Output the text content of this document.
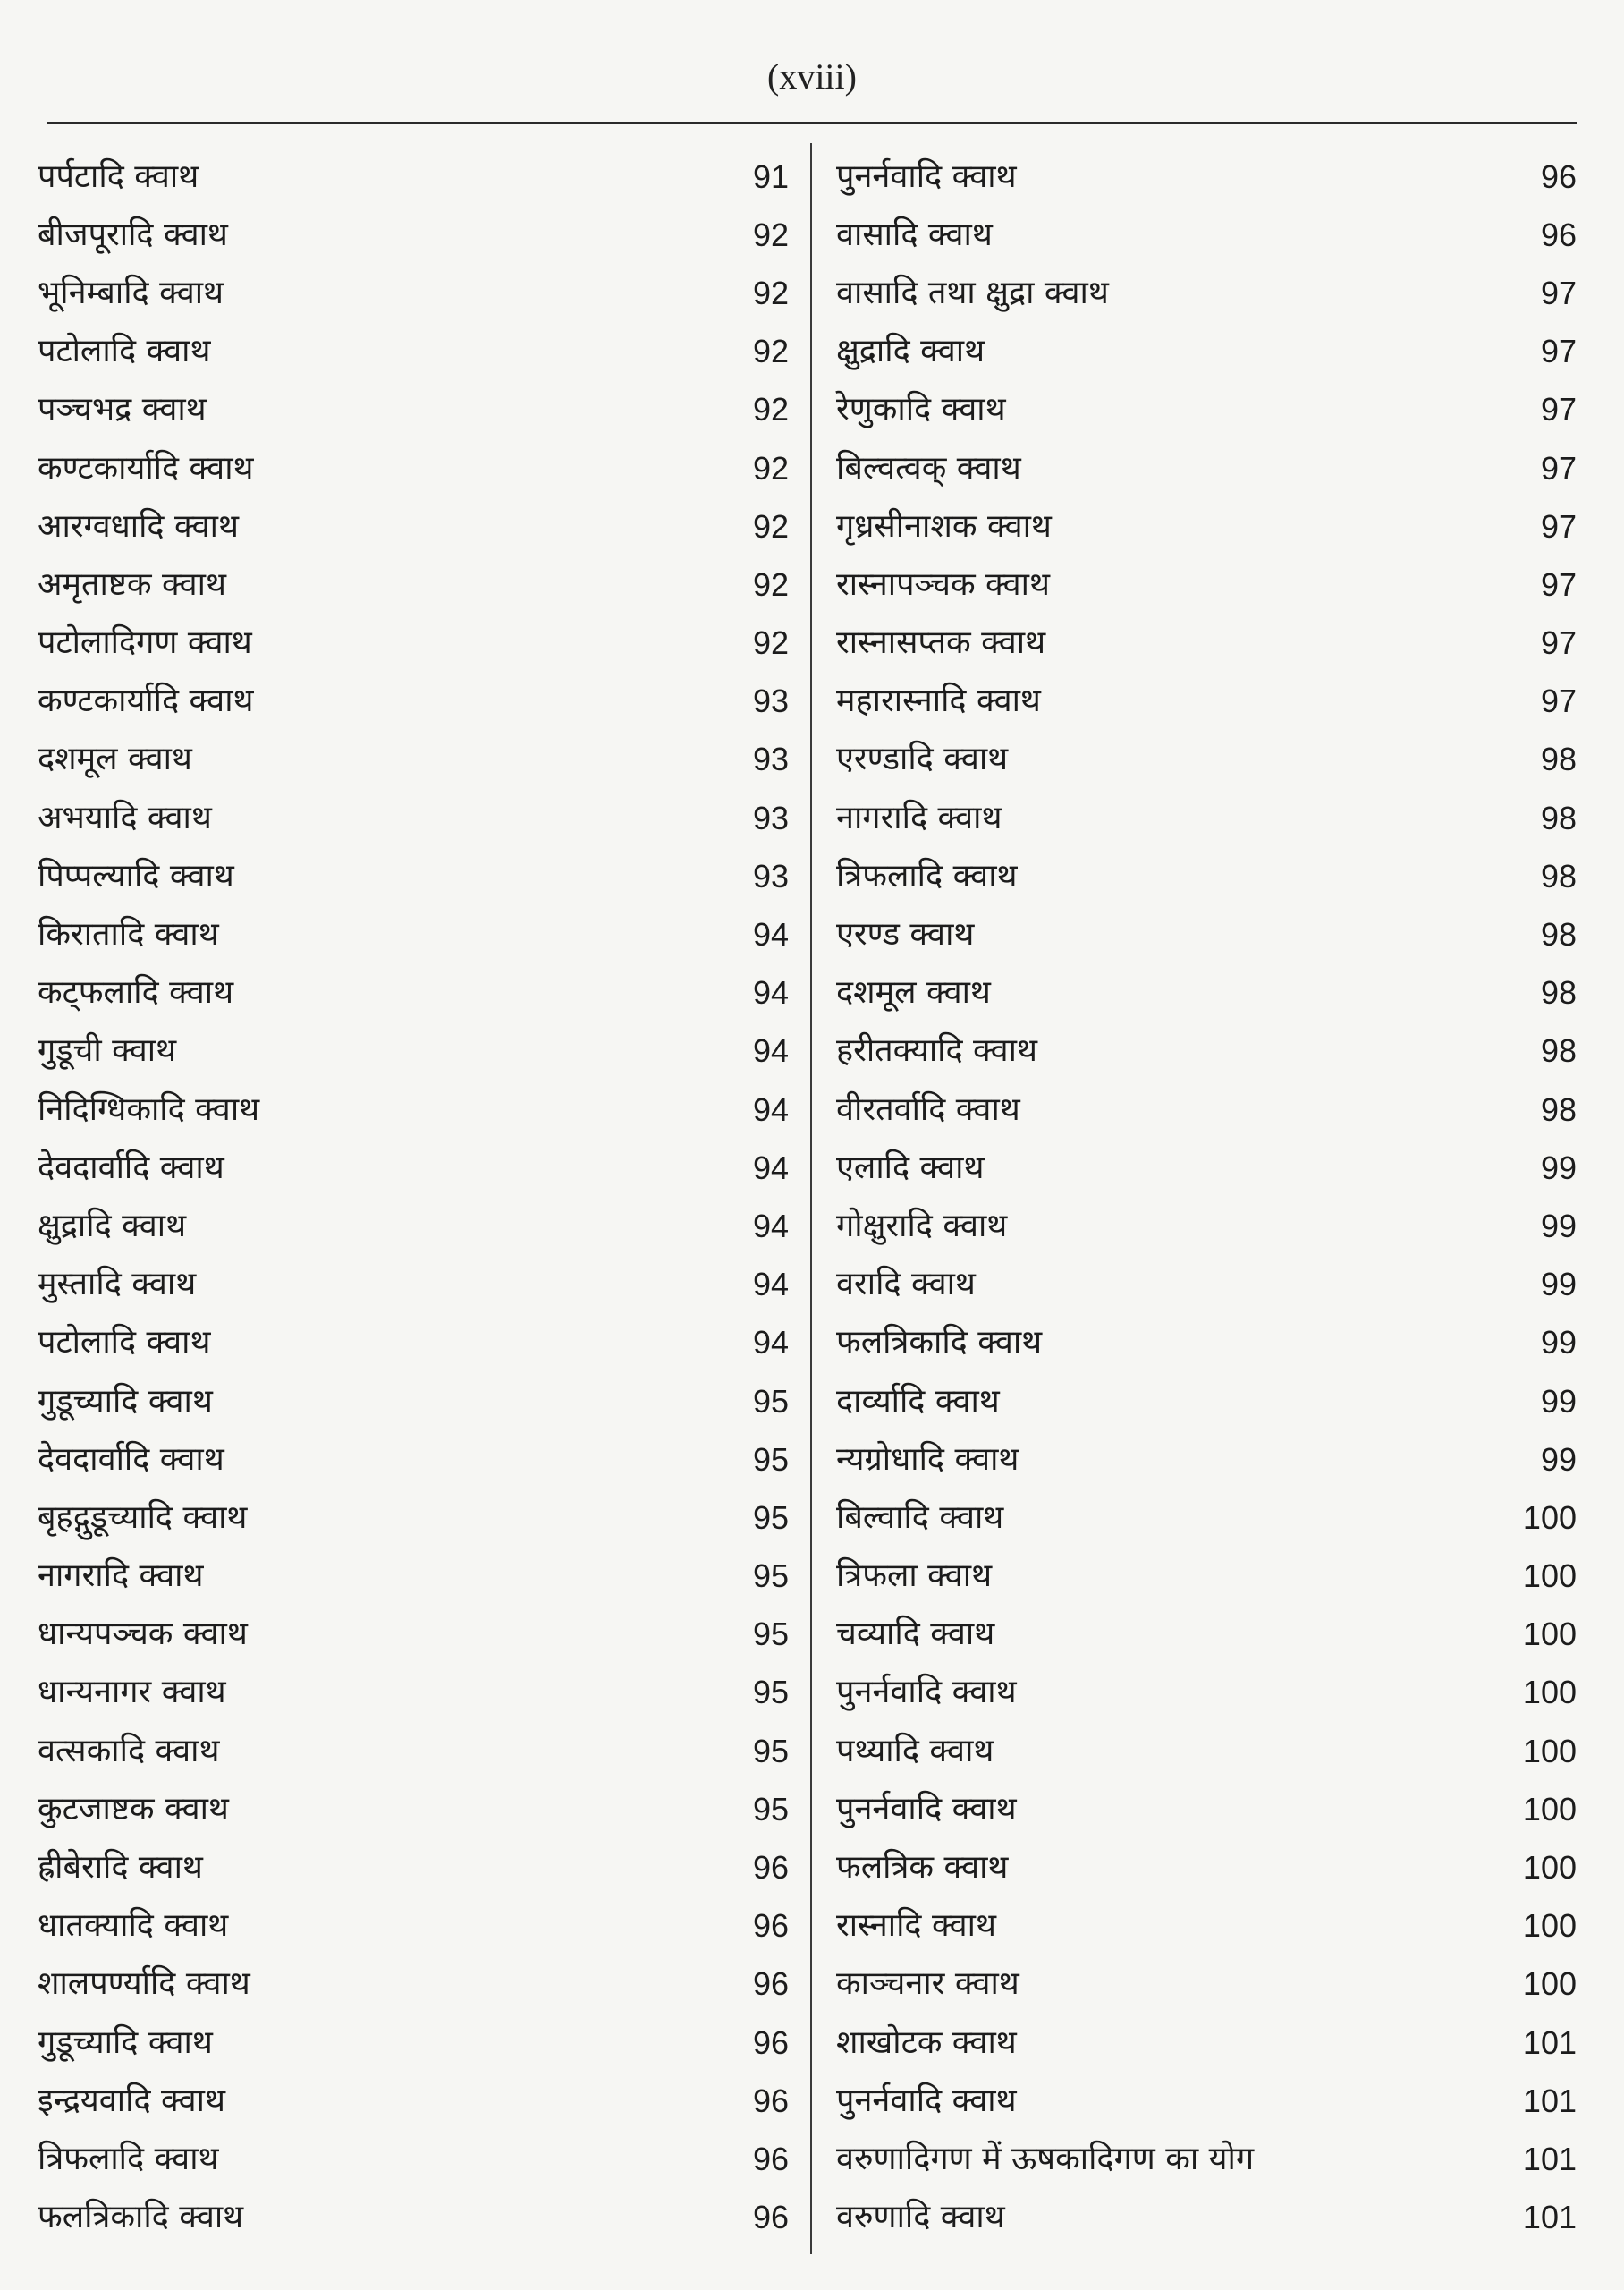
(xviii)
पर्पटादि क्वाथ	91
बीजपूरादि क्वाथ	92
भूनिम्बादि क्वाथ	92
पटोलादि क्वाथ	92
पञ्चभद्र क्वाथ	92
कण्टकार्यादि क्वाथ	92
आरग्वधादि क्वाथ	92
अमृताष्टक क्वाथ	92
पटोलादिगण क्वाथ	92
कण्टकार्यादि क्वाथ	93
दशमूल क्वाथ	93
अभयादि क्वाथ	93
पिप्पल्यादि क्वाथ	93
किरातादि क्वाथ	94
कट्फलादि क्वाथ	94
गुडूची क्वाथ	94
निदिग्धिकादि क्वाथ	94
देवदार्वादि क्वाथ	94
क्षुद्रादि क्वाथ	94
मुस्तादि क्वाथ	94
पटोलादि क्वाथ	94
गुडूच्यादि क्वाथ	95
देवदार्वादि क्वाथ	95
बृहद्गुडूच्यादि क्वाथ	95
नागरादि क्वाथ	95
धान्यपञ्चक क्वाथ	95
धान्यनागर क्वाथ	95
वत्सकादि क्वाथ	95
कुटजाष्टक क्वाथ	95
ह्रीबेरादि क्वाथ	96
धातक्यादि क्वाथ	96
शालपर्ण्यादि क्वाथ	96
गुडूच्यादि क्वाथ	96
इन्द्रयवादि क्वाथ	96
त्रिफलादि क्वाथ	96
फलत्रिकादि क्वाथ	96
पुनर्नवादि क्वाथ	96
वासादि क्वाथ	96
वासादि तथा क्षुद्रा क्वाथ	97
क्षुद्रादि क्वाथ	97
रेणुकादि क्वाथ	97
बिल्वत्वक् क्वाथ	97
गृध्रसीनाशक क्वाथ	97
रास्नापञ्चक क्वाथ	97
रास्नासप्तक क्वाथ	97
महारास्नादि क्वाथ	97
एरण्डादि क्वाथ	98
नागरादि क्वाथ	98
त्रिफलादि क्वाथ	98
एरण्ड क्वाथ	98
दशमूल क्वाथ	98
हरीतक्यादि क्वाथ	98
वीरतर्वादि क्वाथ	98
एलादि क्वाथ	99
गोक्षुरादि क्वाथ	99
वरादि क्वाथ	99
फलत्रिकादि क्वाथ	99
दार्व्यादि क्वाथ	99
न्यग्रोधादि क्वाथ	99
बिल्वादि क्वाथ	100
त्रिफला क्वाथ	100
चव्यादि क्वाथ	100
पुनर्नवादि क्वाथ	100
पथ्यादि क्वाथ	100
पुनर्नवादि क्वाथ	100
फलत्रिक क्वाथ	100
रास्नादि क्वाथ	100
काञ्चनार क्वाथ	100
शाखोटक क्वाथ	101
पुनर्नवादि क्वाथ	101
वरुणादिगण में ऊषकादिगण का योग	101
वरुणादि क्वाथ	101
